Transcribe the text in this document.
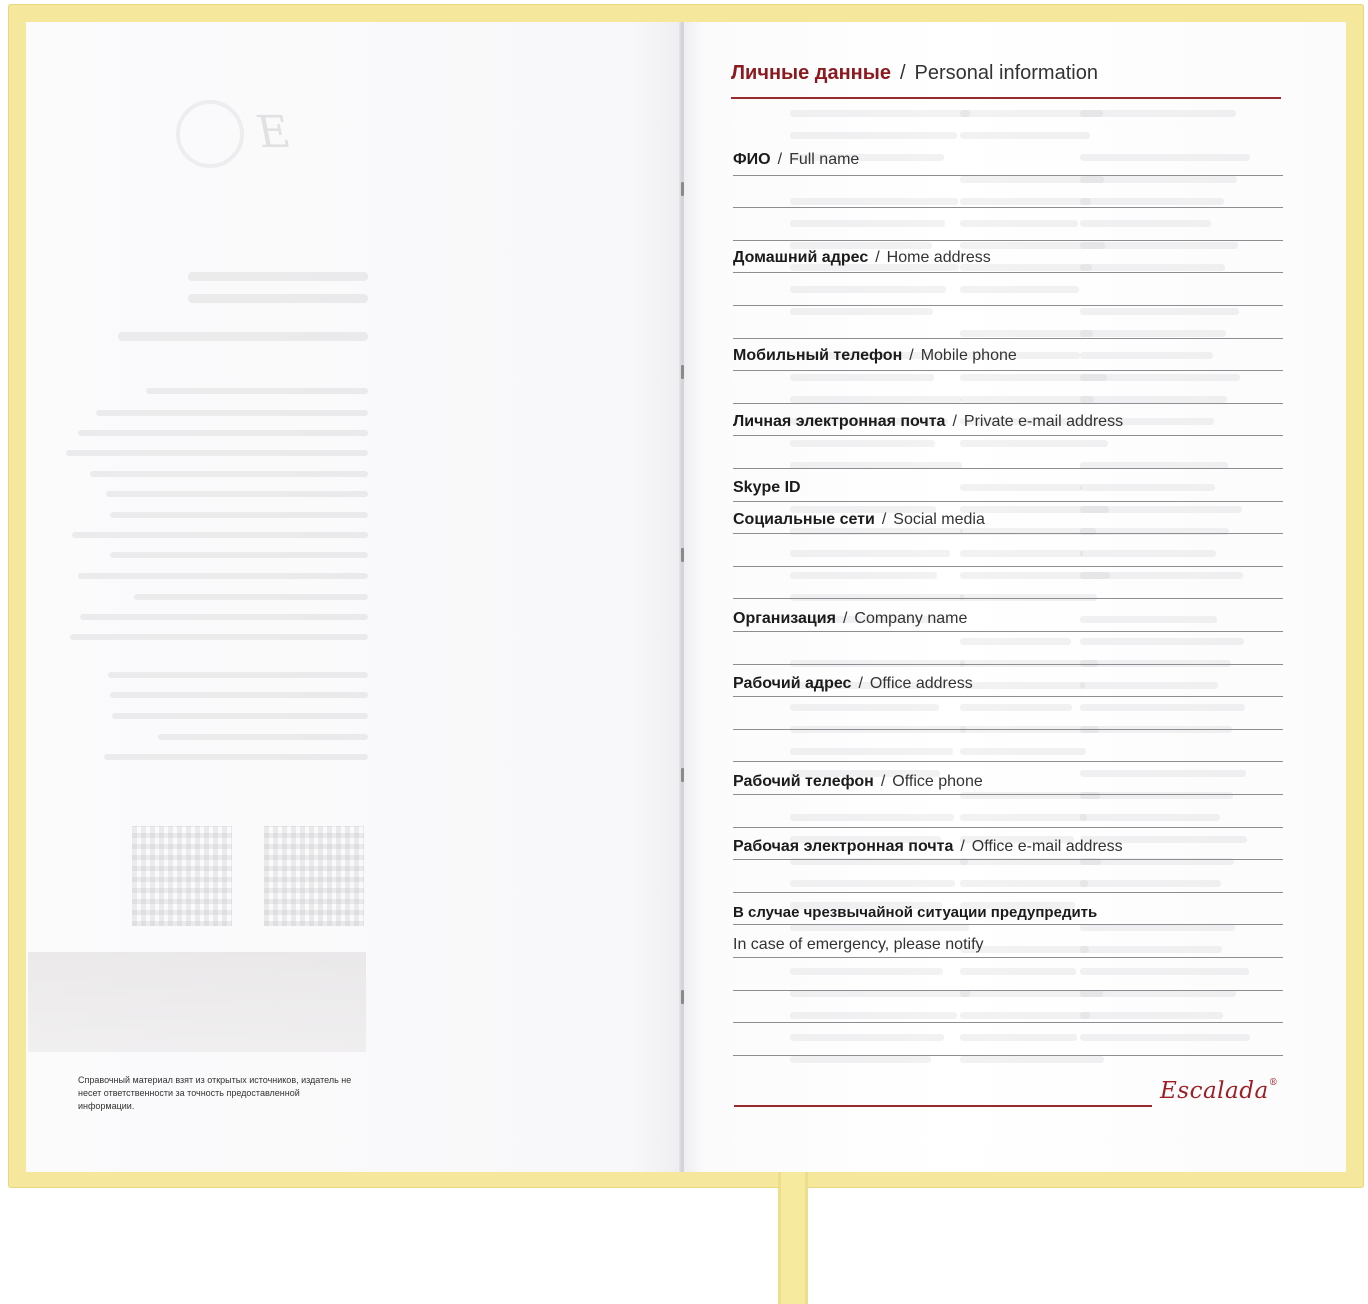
Ǝ
⠀
Справочный материал взят из открытых источников, издатель не несет ответственности за точность предоставленной информации.
Личные данные / Personal information
ФИО / Full name
Домашний адрес / Home address
Мобильный телефон / Mobile phone
Личная электронная почта / Private e-mail address
Skype ID
Социальные сети / Social media
Организация / Company name
Рабочий адрес / Office address
Рабочий телефон / Office phone
Рабочая электронная почта / Office e-mail address
В случае чрезвычайной ситуации предупредить
In case of emergency, please notify
Escalada®
